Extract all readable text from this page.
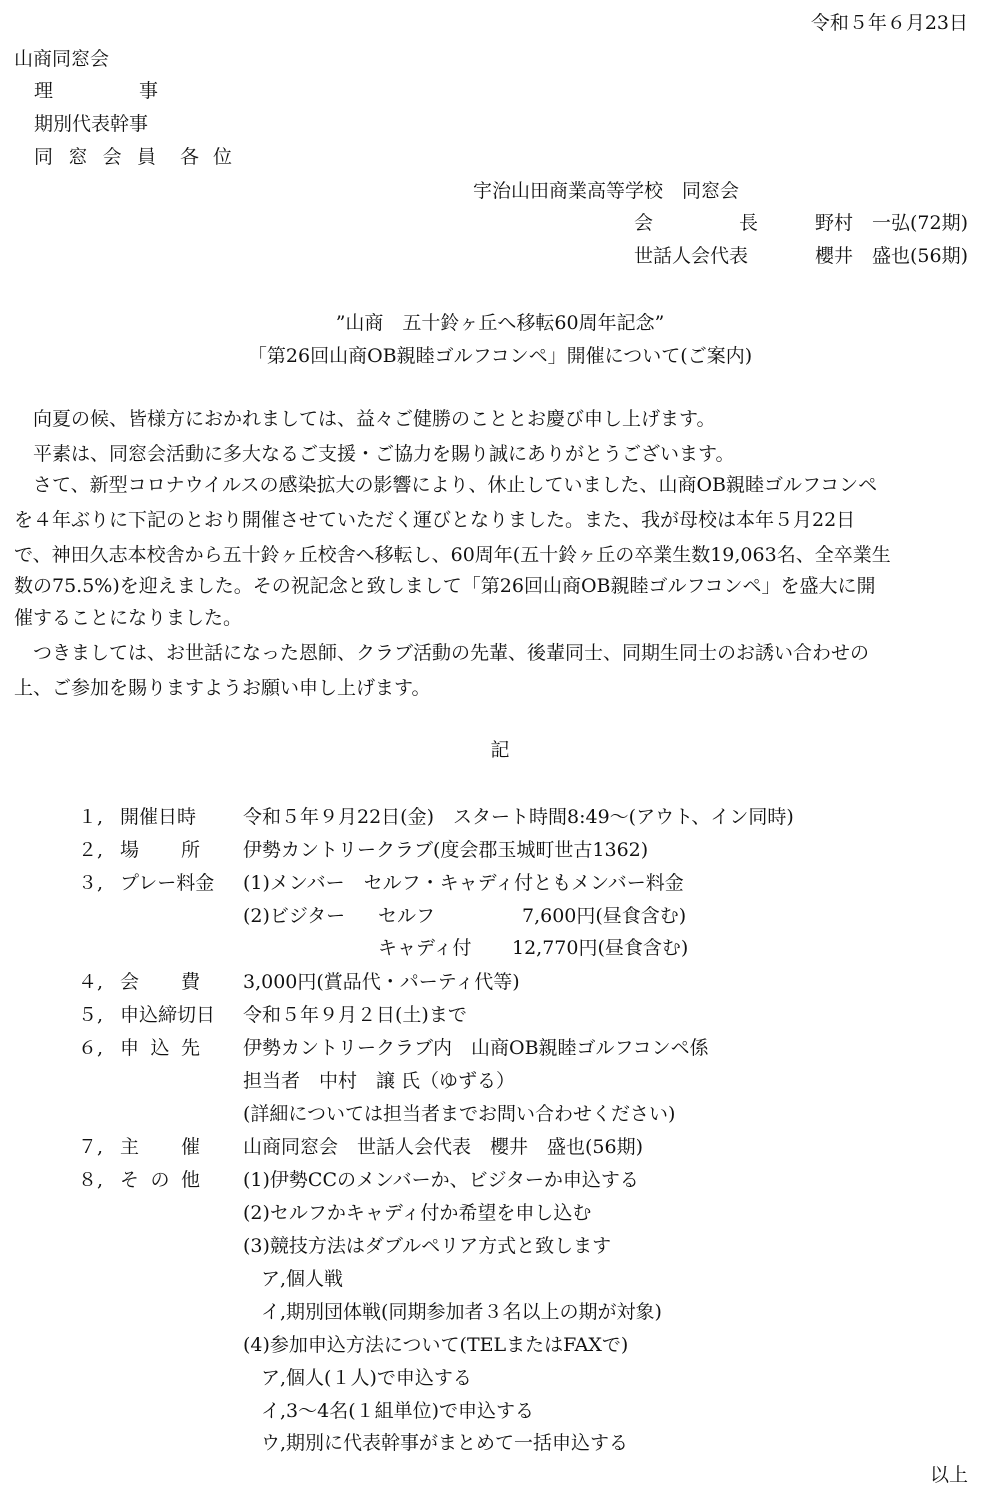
令和５年６月23日
山商同窓会
理	事
期別代表幹事
同 窓 会 員
各 位
宇治山田商業高等学校　同窓会
会	長	野村　一弘(72期)
世話人会代表	櫻井　盛也(56期)
”山商　五十鈴ヶ丘へ移転60周年記念”
「第26回山商OB親睦ゴルフコンペ」開催について(ご案内)
　向夏の候、皆様方におかれましては、益々ご健勝のこととお慶び申し上げます。
　平素は、同窓会活動に多大なるご支援・ご協力を賜り誠にありがとうございます。
　さて、新型コロナウイルスの感染拡大の影響により、休止していました、山商OB親睦ゴルフコンペ
を４年ぶりに下記のとおり開催させていただく運びとなりました。また、我が母校は本年５月22日
で、神田久志本校舎から五十鈴ヶ丘校舎へ移転し、60周年(五十鈴ヶ丘の卒業生数19,063名、全卒業生
数の75.5%)を迎えました。その祝記念と致しまして「第26回山商OB親睦ゴルフコンペ」を盛大に開
催することになりました。
　つきましては、お世話になった恩師、クラブ活動の先輩、後輩同士、同期生同士のお誘い合わせの
上、ご参加を賜りますようお願い申し上げます。
記
１, 開催日時 令和５年９月22日(金)　スタート時間8:49～(アウト、イン同時)
２, 場 所 伊勢カントリークラブ(度会郡玉城町世古1362)
３, プレー料金 (1)メンバー　セルフ・キャディ付ともメンバー料金
(2)ビジター セルフ	7,600円(昼食含む)
キャディ付 12,770円(昼食含む)
４, 会 費 3,000円(賞品代・パーティ代等)
５, 申込締切日 令和５年９月２日(土)まで
６, 申 込 先 伊勢カントリークラブ内　山商OB親睦ゴルフコンペ係
担当者　中村　譲 氏（ゆずる）
(詳細については担当者までお問い合わせください)
７, 主 催 山商同窓会　世話人会代表　櫻井　盛也(56期)
８, そ の 他 (1)伊勢CCのメンバーか、ビジターか申込する
(2)セルフかキャディ付か希望を申し込む
(3)競技方法はダブルペリア方式と致します
ア,個人戦
イ,期別団体戦(同期参加者３名以上の期が対象)
(4)参加申込方法について(TELまたはFAXで)
ア,個人(１人)で申込する
イ,3～4名(１組単位)で申込する
ウ,期別に代表幹事がまとめて一括申込する
以上
